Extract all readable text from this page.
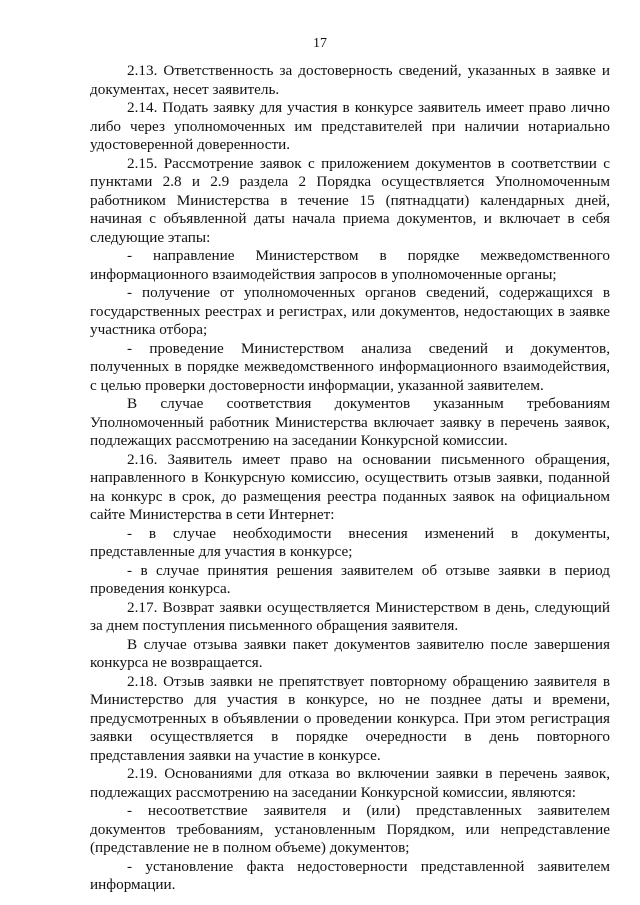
17

2.13. Ответственность за достоверность сведений, указанных в заявке и документах, несет заявитель.

2.14. Подать заявку для участия в конкурсе заявитель имеет право лично либо через уполномоченных им представителей при наличии нотариально удостоверенной доверенности.

2.15. Рассмотрение заявок с приложением документов в соответствии с пунктами 2.8 и 2.9 раздела 2 Порядка осуществляется Уполномоченным работником Министерства в течение 15 (пятнадцати) календарных дней, начиная с объявленной даты начала приема документов, и включает в себя следующие этапы:

- направление Министерством в порядке межведомственного информационного взаимодействия запросов в уполномоченные органы;

- получение от уполномоченных органов сведений, содержащихся в государственных реестрах и регистрах, или документов, недостающих в заявке участника отбора;

- проведение Министерством анализа сведений и документов, полученных в порядке межведомственного информационного взаимодействия, с целью проверки достоверности информации, указанной заявителем.

В случае соответствия документов указанным требованиям Уполномоченный работник Министерства включает заявку в перечень заявок, подлежащих рассмотрению на заседании Конкурсной комиссии.

2.16. Заявитель имеет право на основании письменного обращения, направленного в Конкурсную комиссию, осуществить отзыв заявки, поданной на конкурс в срок, до размещения реестра поданных заявок на официальном сайте Министерства в сети Интернет:

- в случае необходимости внесения изменений в документы, представленные для участия в конкурсе;

- в случае принятия решения заявителем об отзыве заявки в период проведения конкурса.

2.17. Возврат заявки осуществляется Министерством в день, следующий за днем поступления письменного обращения заявителя.

В случае отзыва заявки пакет документов заявителю после завершения конкурса не возвращается.

2.18. Отзыв заявки не препятствует повторному обращению заявителя в Министерство для участия в конкурсе, но не позднее даты и времени, предусмотренных в объявлении о проведении конкурса. При этом регистрация заявки осуществляется в порядке очередности в день повторного представления заявки на участие в конкурсе.

2.19. Основаниями для отказа во включении заявки в перечень заявок, подлежащих рассмотрению на заседании Конкурсной комиссии, являются:

- несоответствие заявителя и (или) представленных заявителем документов требованиям, установленным Порядком, или непредставление (представление не в полном объеме) документов;

- установление факта недостоверности представленной заявителем информации.
